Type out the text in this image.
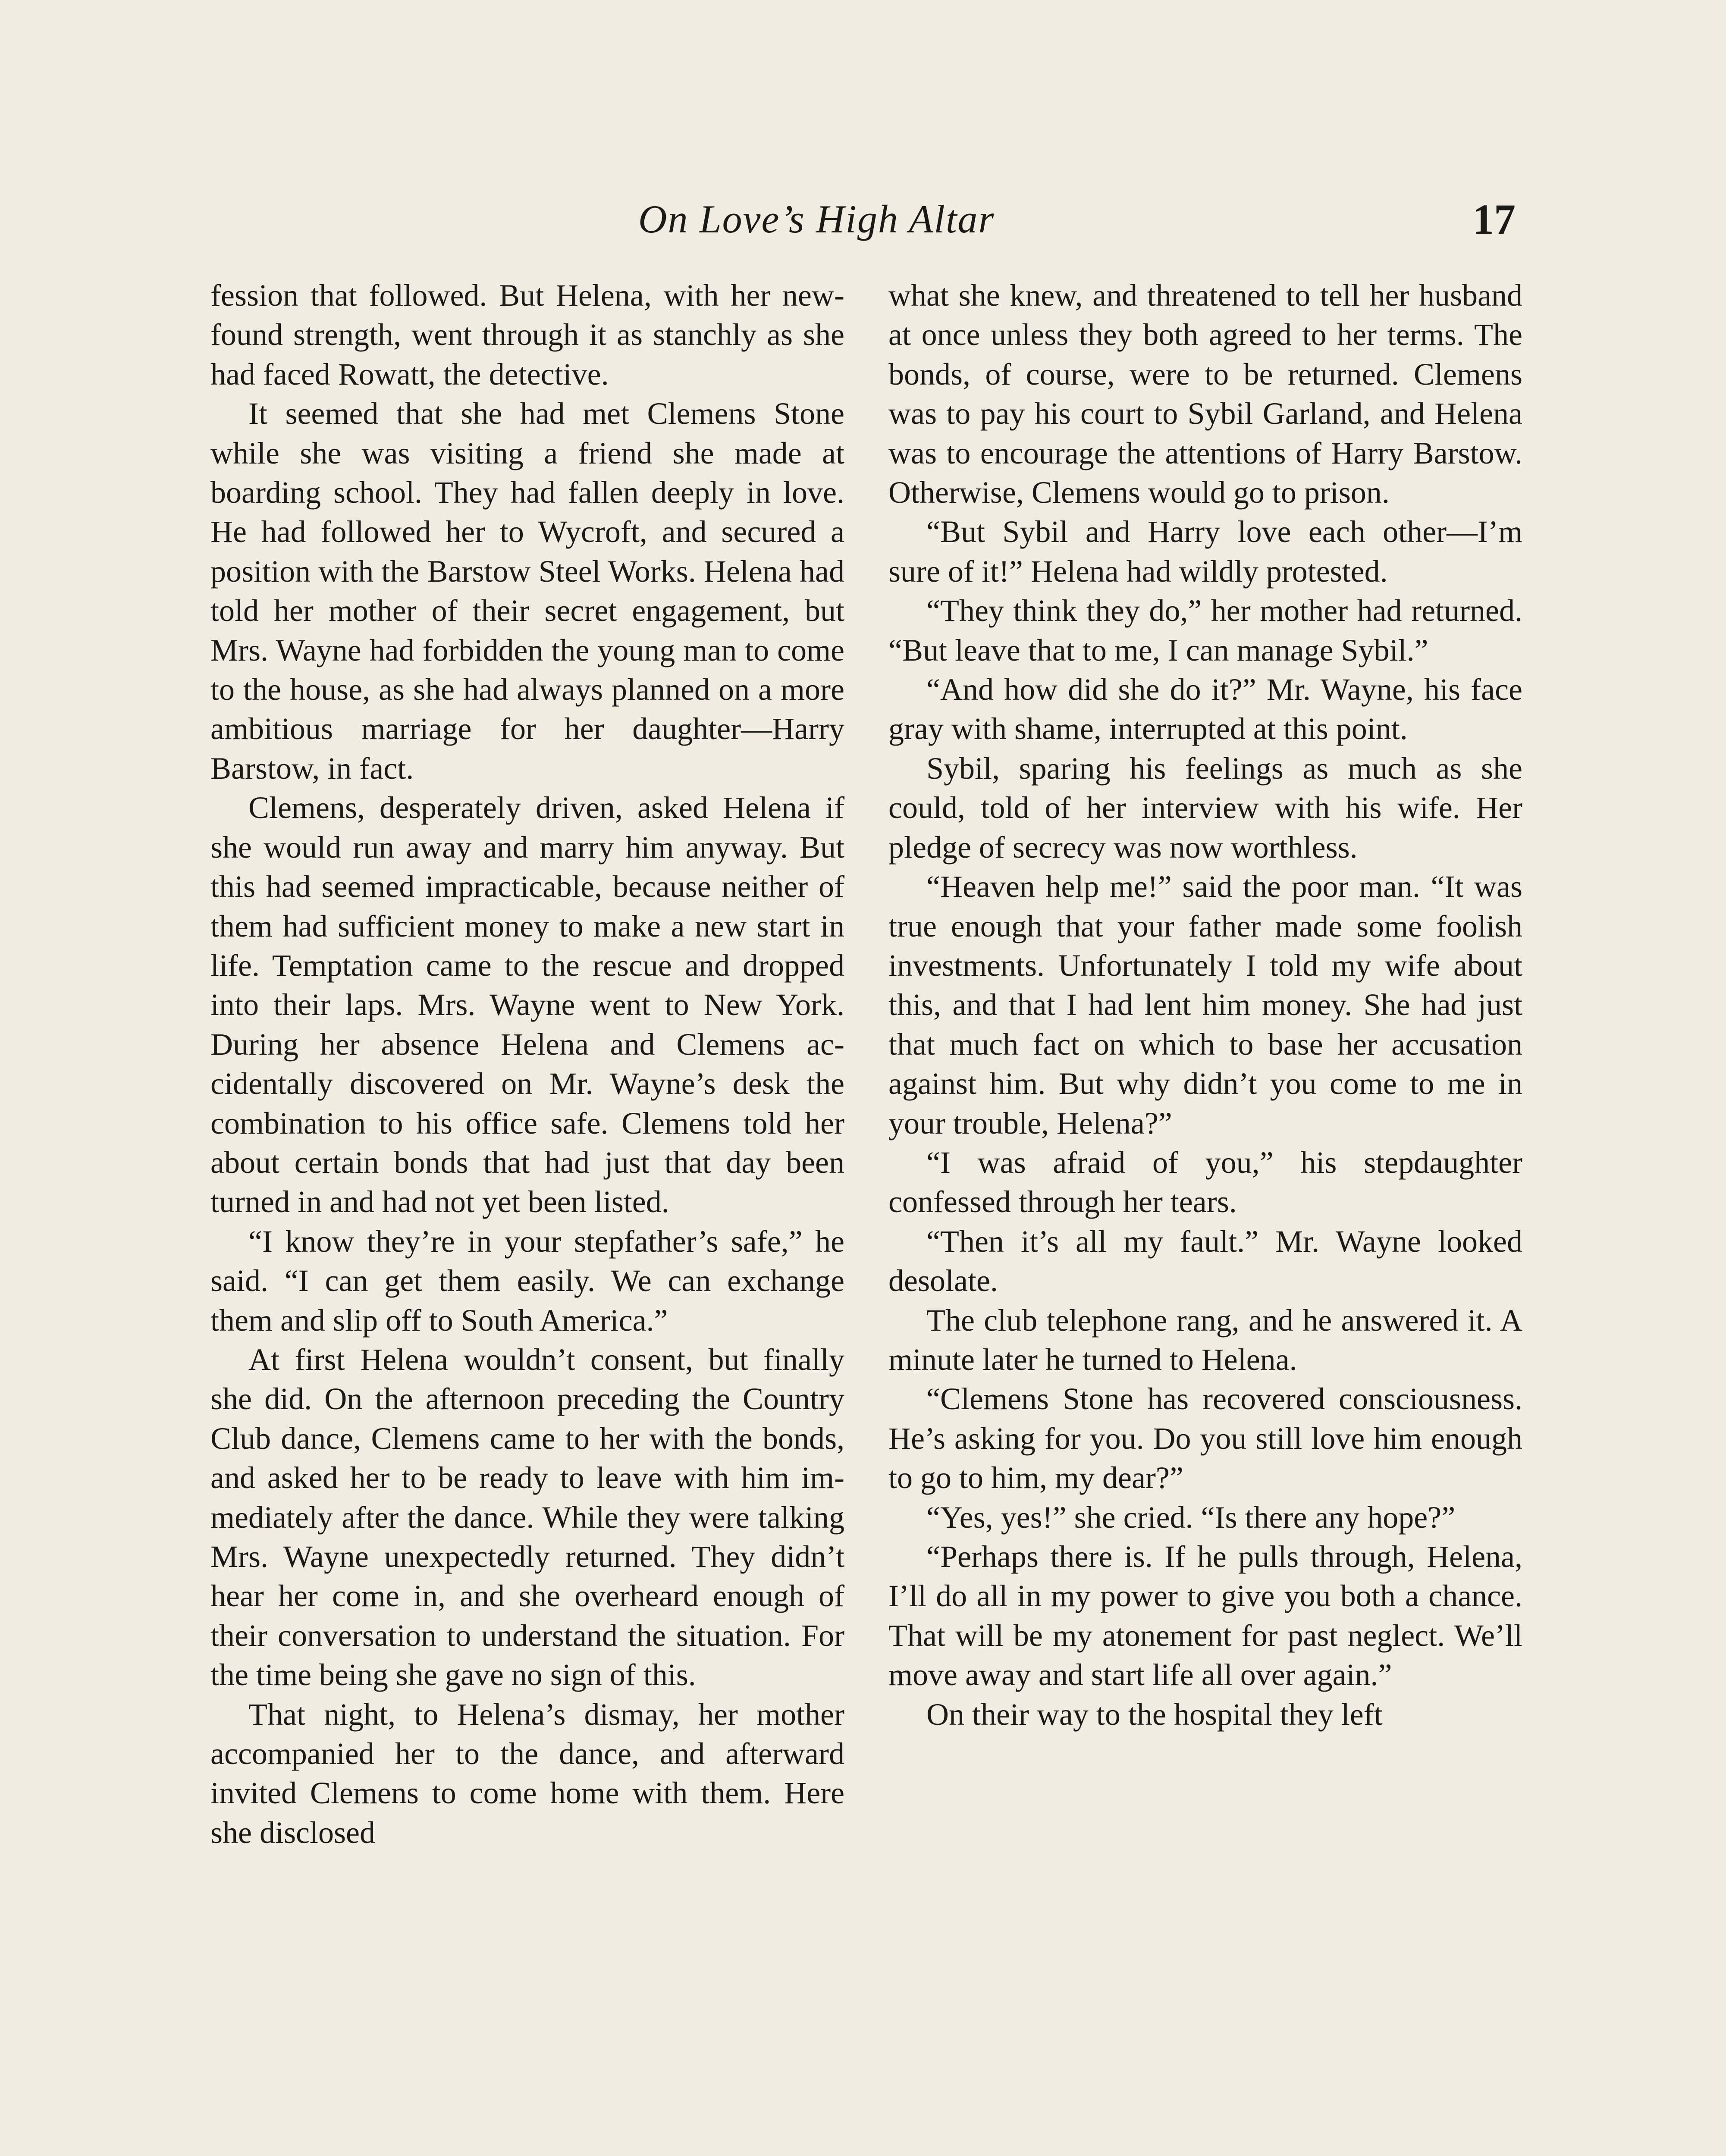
On Love’s High Altar	17

fession that followed. But Helena, with her new-found strength, went through it as stanchly as she had faced Rowatt, the detective.

It seemed that she had met Clemens Stone while she was visiting a friend she made at boarding school. They had fallen deeply in love. He had followed her to Wycroft, and secured a position with the Barstow Steel Works. Helena had told her mother of their secret engagement, but Mrs. Wayne had forbidden the young man to come to the house, as she had always planned on a more ambitious marriage for her daughter—Harry Barstow, in fact.

Clemens, desperately driven, asked Helena if she would run away and marry him anyway. But this had seemed impracticable, because neither of them had sufficient money to make a new start in life. Temptation came to the rescue and dropped into their laps. Mrs. Wayne went to New York. During her absence Helena and Clemens accidentally discovered on Mr. Wayne’s desk the combination to his office safe. Clemens told her about certain bonds that had just that day been turned in and had not yet been listed.

“I know they’re in your stepfather’s safe,” he said. “I can get them easily. We can exchange them and slip off to South America.”

At first Helena wouldn’t consent, but finally she did. On the afternoon preceding the Country Club dance, Clemens came to her with the bonds, and asked her to be ready to leave with him immediately after the dance. While they were talking Mrs. Wayne unexpectedly returned. They didn’t hear her come in, and she overheard enough of their conversation to understand the situation. For the time being she gave no sign of this.

That night, to Helena’s dismay, her mother accompanied her to the dance, and afterward invited Clemens to come home with them. Here she disclosed

what she knew, and threatened to tell her husband at once unless they both agreed to her terms. The bonds, of course, were to be returned. Clemens was to pay his court to Sybil Garland, and Helena was to encourage the attentions of Harry Barstow. Otherwise, Clemens would go to prison.

“But Sybil and Harry love each other—I’m sure of it!” Helena had wildly protested.

“They think they do,” her mother had returned. “But leave that to me, I can manage Sybil.”

“And how did she do it?” Mr. Wayne, his face gray with shame, interrupted at this point.

Sybil, sparing his feelings as much as she could, told of her interview with his wife. Her pledge of secrecy was now worthless.

“Heaven help me!” said the poor man. “It was true enough that your father made some foolish investments. Unfortunately I told my wife about this, and that I had lent him money. She had just that much fact on which to base her accusation against him. But why didn’t you come to me in your trouble, Helena?”

“I was afraid of you,” his stepdaughter confessed through her tears.

“Then it’s all my fault.” Mr. Wayne looked desolate.

The club telephone rang, and he answered it. A minute later he turned to Helena.

“Clemens Stone has recovered consciousness. He’s asking for you. Do you still love him enough to go to him, my dear?”

“Yes, yes!” she cried. “Is there any hope?”

“Perhaps there is. If he pulls through, Helena, I’ll do all in my power to give you both a chance. That will be my atonement for past neglect. We’ll move away and start life all over again.”

On their way to the hospital they left
